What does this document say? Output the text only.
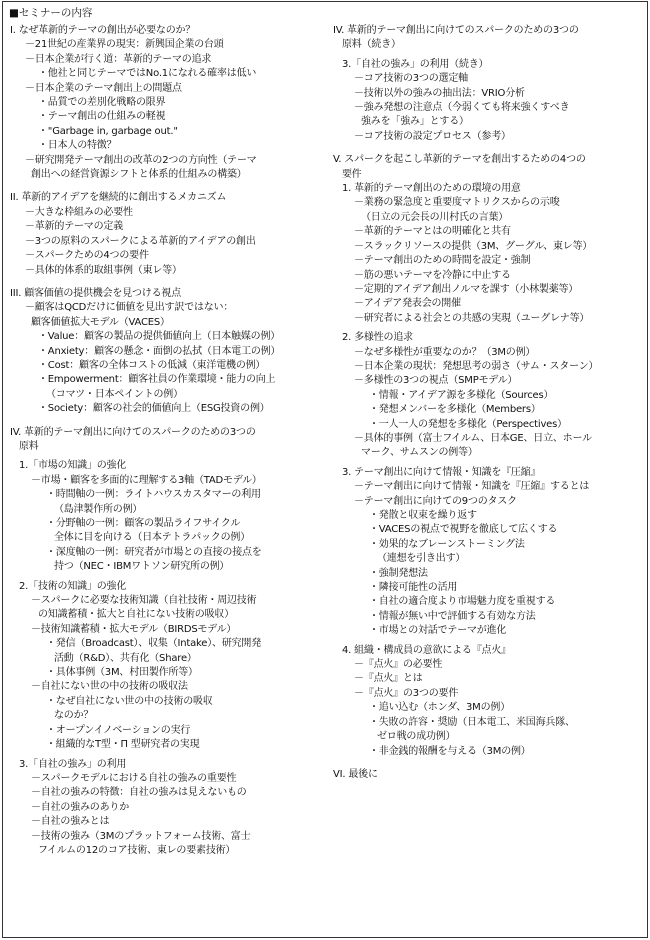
■セミナーの内容
I. なぜ革新的テーマの創出が必要なのか？
－21世紀の産業界の現実：新興国企業の台頭
－日本企業が行く道：革新的テーマの追求
・他社と同じテーマではNo.1になれる確率は低い
－日本企業のテーマ創出上の問題点
・品質での差別化戦略の限界
・テーマ創出の仕組みの軽視
・"Garbage in, garbage out."
・日本人の特徴？
－研究開発テーマ創出の改革の2つの方向性（テーマ
創出への経営資源シフトと体系的仕組みの構築）
II. 革新的アイデアを継続的に創出するメカニズム
－大きな枠組みの必要性
－革新的テーマの定義
－3つの原料のスパークによる革新的アイデアの創出
－スパークための4つの要件
－具体的体系的取組事例（東レ等）
III. 顧客価値の提供機会を見つける視点
－顧客はQCDだけに価値を見出す訳ではない：
顧客価値拡大モデル（VACES）
・Value：顧客の製品の提供価値向上（日本触媒の例）
・Anxiety：顧客の懸念・面倒の払拭（日本電工の例）
・Cost：顧客の全体コストの低減（東洋電機の例）
・Empowerment：顧客社員の作業環境・能力の向上
（コマツ・日本ペイントの例）
・Society：顧客の社会的価値向上（ESG投資の例）
IV. 革新的テーマ創出に向けてのスパークのための3つの
原料
1.「市場の知識」の強化
－市場・顧客を多面的に理解する3軸（TADモデル）
・時間軸の一例：ライトハウスカスタマーの利用
（島津製作所の例）
・分野軸の一例：顧客の製品ライフサイクル
全体に目を向ける（日本テトラパックの例）
・深度軸の一例：研究者が市場との直接の接点を
持つ（NEC・IBMワトソン研究所の例）
2.「技術の知識」の強化
－スパークに必要な技術知識（自社技術・周辺技術
の知識蓄積・拡大と自社にない技術の吸収）
－技術知識蓄積・拡大モデル（BIRDSモデル）
・発信（Broadcast）、収集（Intake）、研究開発
活動（R&D）、共有化（Share）
・具体事例（3M、村田製作所等）
－自社にない世の中の技術の吸収法
・なぜ自社にない世の中の技術の吸収
なのか？
・オープンイノベーションの実行
・組織的なT型・Π 型研究者の実現
3.「自社の強み」の利用
－スパークモデルにおける自社の強みの重要性
－自社の強みの特徴：自社の強みは見えないもの
－自社の強みのありか
－自社の強みとは
－技術の強み（3Mのプラットフォーム技術、富士
フイルムの12のコア技術、東レの要素技術）
IV. 革新的テーマ創出に向けてのスパークのための3つの
原料（続き）
3.「自社の強み」の利用（続き）
－コア技術の3つの選定軸
－技術以外の強みの抽出法：VRIO分析
－強み発想の注意点（今弱くても将来強くすべき
強みを「強み」とする）
－コア技術の設定プロセス（参考）
V. スパークを起こし革新的テーマを創出するための4つの
要件
1. 革新的テーマ創出のための環境の用意
－業務の緊急度と重要度マトリクスからの示唆
（日立の元会長の川村氏の言葉）
－革新的テーマとはの明確化と共有
－スラックリソースの提供（3M、グーグル、東レ等）
－テーマ創出のための時間を設定・強制
－筋の悪いテーマを冷静に中止する
－定期的アイデア創出ノルマを課す（小林製薬等）
－アイデア発表会の開催
－研究者による社会との共感の実現（ユーグレナ等）
2. 多様性の追求
－なぜ多様性が重要なのか？（3Mの例）
－日本企業の現状：発想思考の弱さ（サム・スターン）
－多様性の3つの視点（SMPモデル）
・情報・アイデア源を多様化（Sources）
・発想メンバーを多様化（Members）
・一人一人の発想を多様化（Perspectives）
－具体的事例（富士フイルム、日本GE、日立、ホール
マーク、サムスンの例等）
3. テーマ創出に向けて情報・知識を『圧縮』
－テーマ創出に向けて情報・知識を『圧縮』するとは
－テーマ創出に向けての9つのタスク
・発散と収束を繰り返す
・VACESの視点で視野を徹底して広くする
・効果的なブレーンストーミング法
（連想を引き出す）
・強制発想法
・隣接可能性の活用
・自社の適合度より市場魅力度を重視する
・情報が無い中で評価する有効な方法
・市場との対話でテーマが進化
4. 組織・構成員の意欲による『点火』
－『点火』の必要性
－『点火』とは
－『点火』の3つの要件
・追い込む（ホンダ、3Mの例）
・失敗の許容・奨励（日本電工、米国海兵隊、
ゼロ戦の成功例）
・非金銭的報酬を与える（3Mの例）
VI. 最後に
